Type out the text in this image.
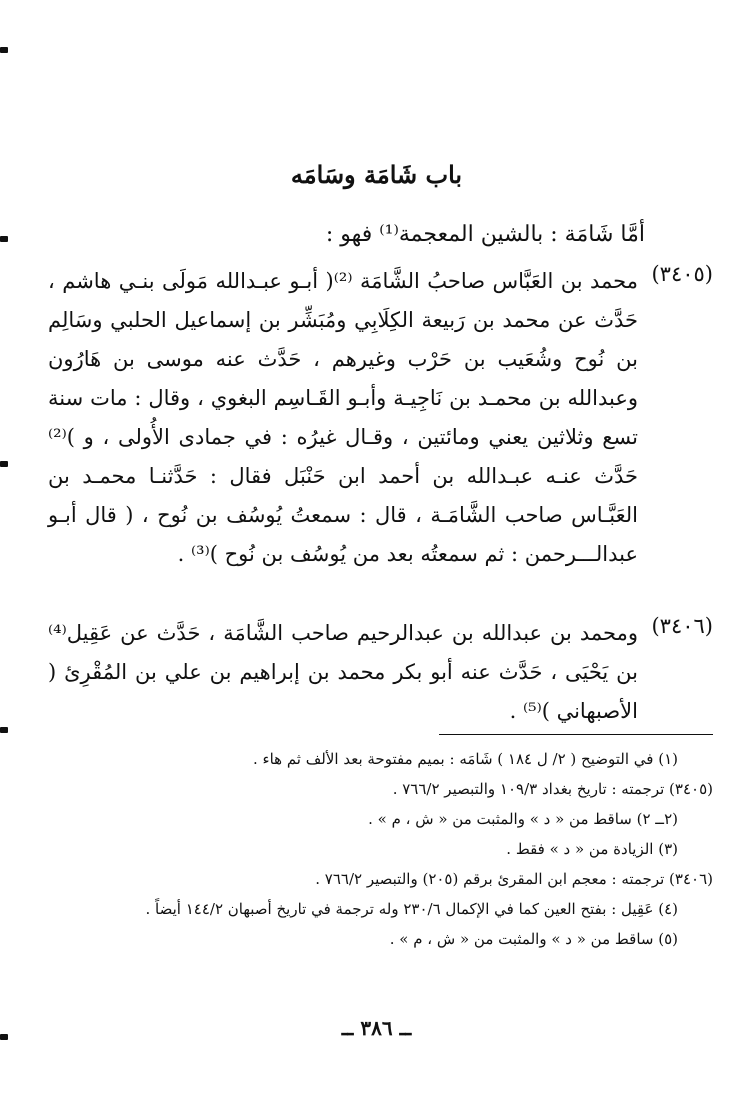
باب شَامَة وسَامَه
أمَّا شَامَة : بالشين المعجمة⁽¹⁾ فهو :
(٣٤٠٥)
محمد بن العَبَّاس صاحبُ الشَّامَة ⁽²⁾( أبـو عبـدالله مَولَى بنـي هاشم ، حَدَّث عن محمد بن رَبيعة الكِلَابِي ومُبَشِّر بن إسماعيل الحلبي وسَالِم بن نُوح وشُعَيب بن حَرْب وغيرهم ، حَدَّث عنه موسى بن هَارُون وعبدالله بن محمـد بن نَاجِيـة وأبـو القَـاسِم البغوي ، وقال : مات سنة تسع وثلاثين يعني ومائتين ، وقـال غيرُه : في جمادى الأُولى ، و )⁽²⁾ حَدَّث عنـه عبـدالله بن أحمد ابن حَنْبَل فقال : حَدَّثنـا محمـد بن العَبَّـاس صاحب الشَّامَـة ، قال : سمعتُ يُوسُف بن نُوح ، ( قال أبـو عبدالـــرحمن : ثم سمعتُه بعد من يُوسُف بن نُوح )⁽³⁾ .
(٣٤٠٦)
ومحمد بن عبدالله بن عبدالرحيم صاحب الشَّامَة ، حَدَّث عن عَقِيل⁽⁴⁾ بن يَحْيَى ، حَدَّث عنه أبو بكر محمد بن إبراهيم بن علي بن المُقْرِئ ( الأصبهاني )⁽⁵⁾ .
(١) في التوضيح ( ٢/ ل ١٨٤ ) شَامَه : بميم مفتوحة بعد الألف ثم هاء .
(٣٤٠٥) ترجمته : تاريخ بغداد ١٠٩/٣ والتبصير ٧٦٦/٢ .
(٢ــ ٢) ساقط من « د » والمثبت من « ش ، م » .
(٣) الزيادة من « د » فقط .
(٣٤٠٦) ترجمته : معجم ابن المقرئ برقم (٢٠٥) والتبصير ٧٦٦/٢ .
(٤) عَقِيل : بفتح العين كما في الإكمال ٢٣٠/٦ وله ترجمة في تاريخ أصبهان ١٤٤/٢ أيضاً .
(٥) ساقط من « د » والمثبت من « ش ، م » .
ــ ٣٨٦ ــ
